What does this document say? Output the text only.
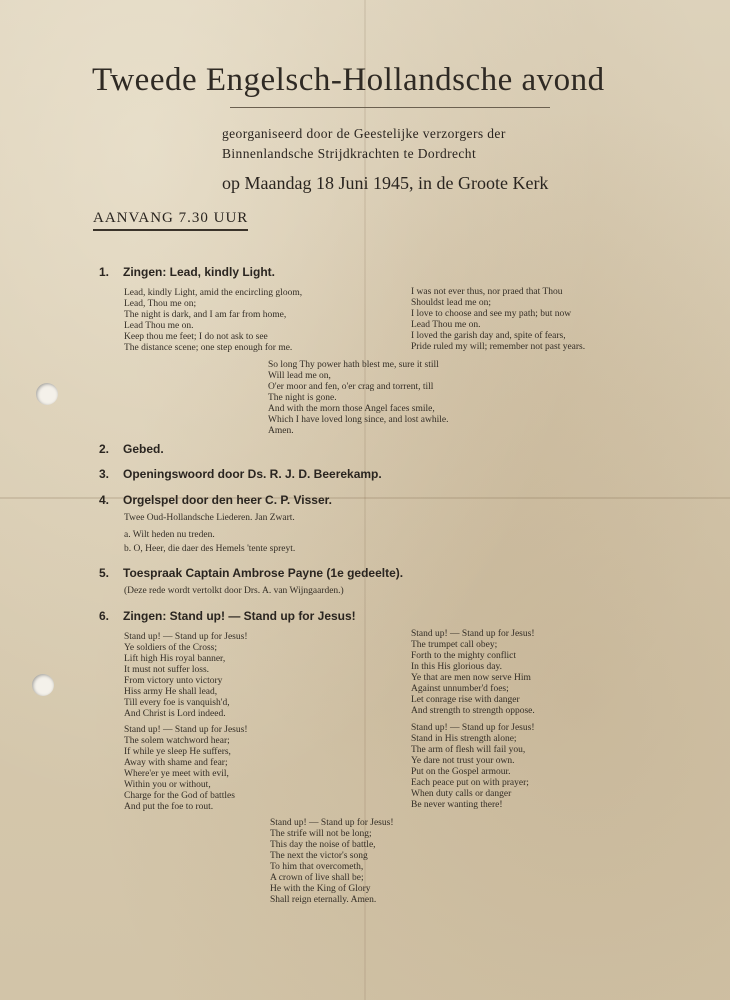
Tweede Engelsch-Hollandsche avond
georganiseerd door de Geestelijke verzorgers der
Binnenlandsche Strijdkrachten te Dordrecht
op Maandag 18 Juni 1945, in de Groote Kerk
AANVANG 7.30 UUR
1. Zingen: Lead, kindly Light.
Lead, kindly Light, amid the encircling gloom,
Lead, Thou me on;
The night is dark, and I am far from home,
Lead Thou me on.
Keep thou me feet; I do not ask to see
The distance scene; one step enough for me.
I was not ever thus, nor praed that Thou
Shouldst lead me on;
I love to choose and see my path; but now
Lead Thou me on.
I loved the garish day and, spite of fears,
Pride ruled my will; remember not past years.
So long Thy power hath blest me, sure it still
Will lead me on,
O'er moor and fen, o'er crag and torrent, till
The night is gone.
And with the morn those Angel faces smile,
Which I have loved long since, and lost awhile.
Amen.
2. Gebed.
3. Openingswoord door Ds. R. J. D. Beerekamp.
4. Orgelspel door den heer C. P. Visser.
Twee Oud-Hollandsche Liederen. Jan Zwart.
a. Wilt heden nu treden.
b. O, Heer, die daer des Hemels 'tente spreyt.
5. Toespraak Captain Ambrose Payne (1e gedeelte).
(Deze rede wordt vertolkt door Drs. A. van Wijngaarden.)
6. Zingen: Stand up! — Stand up for Jesus!
Stand up! — Stand up for Jesus!
Ye soldiers of the Cross;
Lift high His royal banner,
It must not suffer loss.
From victory unto victory
Hiss army He shall lead,
Till every foe is vanquish'd,
And Christ is Lord indeed.
Stand up! — Stand up for Jesus!
The trumpet call obey;
Forth to the mighty conflict
In this His glorious day.
Ye that are men now serve Him
Against unnumber'd foes;
Let conrage rise with danger
And strength to strength oppose.
Stand up! — Stand up for Jesus!
The solem watchword hear;
If while ye sleep He suffers,
Away with shame and fear;
Where'er ye meet with evil,
Within you or without,
Charge for the God of battles
And put the foe to rout.
Stand up! — Stand up for Jesus!
Stand in His strength alone;
The arm of flesh will fail you,
Ye dare not trust your own.
Put on the Gospel armour.
Each peace put on with prayer;
When duty calls or danger
Be never wanting there!
Stand up! — Stand up for Jesus!
The strife will not be long;
This day the noise of battle,
The next the victor's song
To him that overcometh,
A crown of live shall be;
He with the King of Glory
Shall reign eternally. Amen.
